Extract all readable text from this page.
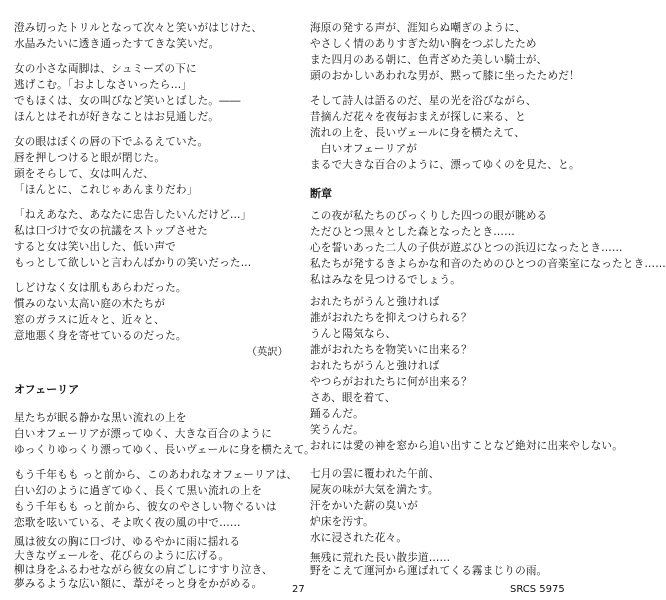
澄み切ったトリルとなって次々と笑いがはじけた、
水晶みたいに透き通ったすてきな笑いだ。
女の小さな両脚は、シュミーズの下に
逃げこむ。「およしなさいったら…」
でもほくは、女の叫びなど笑いとばした。――
ほんとはそれが好きなことはお見通しだ。
女の眼はぼくの唇の下でふるえていた。
唇を押しつけると眼が閉じた。
頭をそらして、女は叫んだ、
「ほんとに、これじゃあんまりだわ」
「ねえあなた、あなたに忠告したいんだけど…」
私は口づけで女の抗議をストップさせた
すると女は笑い出した、低い声で
もっとして欲しいと言わんばかりの笑いだった…
しどけなく女は肌もあらわだった。
慣みのない太高い庭の木たちが
窓のガラスに近々と、近々と、
意地悪く身を寄せているのだった。
（英訳）
オフェーリア
星たちが眠る静かな黒い流れの上を
白いオフェーリアが漂ってゆく、大きな百合のように
ゆっくりゆっくり漂ってゆく、長いヴェールに身を横たえて。
もう千年もも っと前から、このあわれなオフェーリアは、
白い幻のように過ぎてゆく、長くて黒い流れの上を
もう千年もも っと前から、彼女のやさしい物ぐるいは
恋歌を呟いている、そよ吹く夜の風の中で……
風は彼女の胸に口づけ、ゆるやかに雨に揺れる
大きなヴェールを、花びらのように広げる。
柳は身をふるわせながら彼女の肩ごしにすすり泣き、
夢みるような広い額に、葦がそっと身をかがめる。
海原の発する声が、涯知らぬ嘲ぎのように、
やさしく情のありすぎた幼い胸をつぶしたため
また四月のある朝に、色青ざめた美しい騎士が、
頭のおかしいあわれな男が、黙って膝に坐ったためだ！
そして詩人は語るのだ、星の光を浴びながら、
昔摘んだ花々を夜毎おまえが探しに来る、と
流れの上を、長いヴェールに身を横たえて、
　白いオフェーリアが
まるで大きな百合のように、漂ってゆくのを見た、と。
断章
この夜が私たちのびっくりした四つの眼が眺める
ただひとつ黒々とした森となったとき……
心を誓いあった二人の子供が遊ぶひとつの浜辺になったとき……
私たちが発するきよらかな和音のためのひとつの音楽室になったとき……
私はみなを見つけるでしょう。
おれたちがうんと強ければ
誰がおれたちを抑えつけられる？
うんと陽気なら、
誰がおれたちを物笑いに出来る？
おれたちがうんと強ければ
やつらがおれたちに何が出来る？
さあ、眼を着て、
踊るんだ。
笑うんだ。
おれには愛の神を窓から追い出すことなど絶対に出来やしない。
七月の雲に覆われた午前、
屍灰の味が大気を満たす。
汗をかいた薪の臭いが
炉床を汚す。
水に浸された花々。
無残に荒れた長い散歩道……
野をこえて運河から運ばれてくる霧まじりの雨。
27	SRCS 5975
